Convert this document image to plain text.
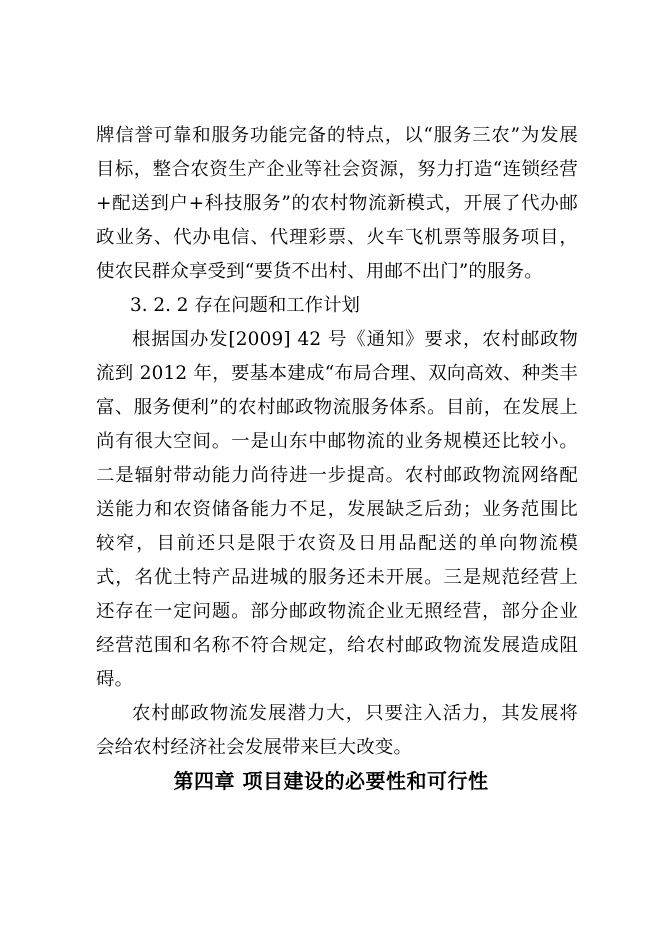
牌信誉可靠和服务功能完备的特点，以“服务三农”为发展目标，整合农资生产企业等社会资源，努力打造“连锁经营+配送到户+科技服务”的农村物流新模式，开展了代办邮政业务、代办电信、代理彩票、火车飞机票等服务项目，使农民群众享受到“要货不出村、用邮不出门”的服务。

3. 2. 2 存在问题和工作计划

根据国办发[2009] 42 号《通知》要求，农村邮政物流到 2012 年，要基本建成“布局合理、双向高效、种类丰富、服务便利”的农村邮政物流服务体系。目前，在发展上尚有很大空间。一是山东中邮物流的业务规模还比较小。二是辐射带动能力尚待进一步提高。农村邮政物流网络配送能力和农资储备能力不足，发展缺乏后劲；业务范围比较窄，目前还只是限于农资及日用品配送的单向物流模式，名优土特产品进城的服务还未开展。三是规范经营上还存在一定问题。部分邮政物流企业无照经营，部分企业经营范围和名称不符合规定，给农村邮政物流发展造成阻碍。

农村邮政物流发展潜力大，只要注入活力，其发展将会给农村经济社会发展带来巨大改变。

第四章 项目建设的必要性和可行性
